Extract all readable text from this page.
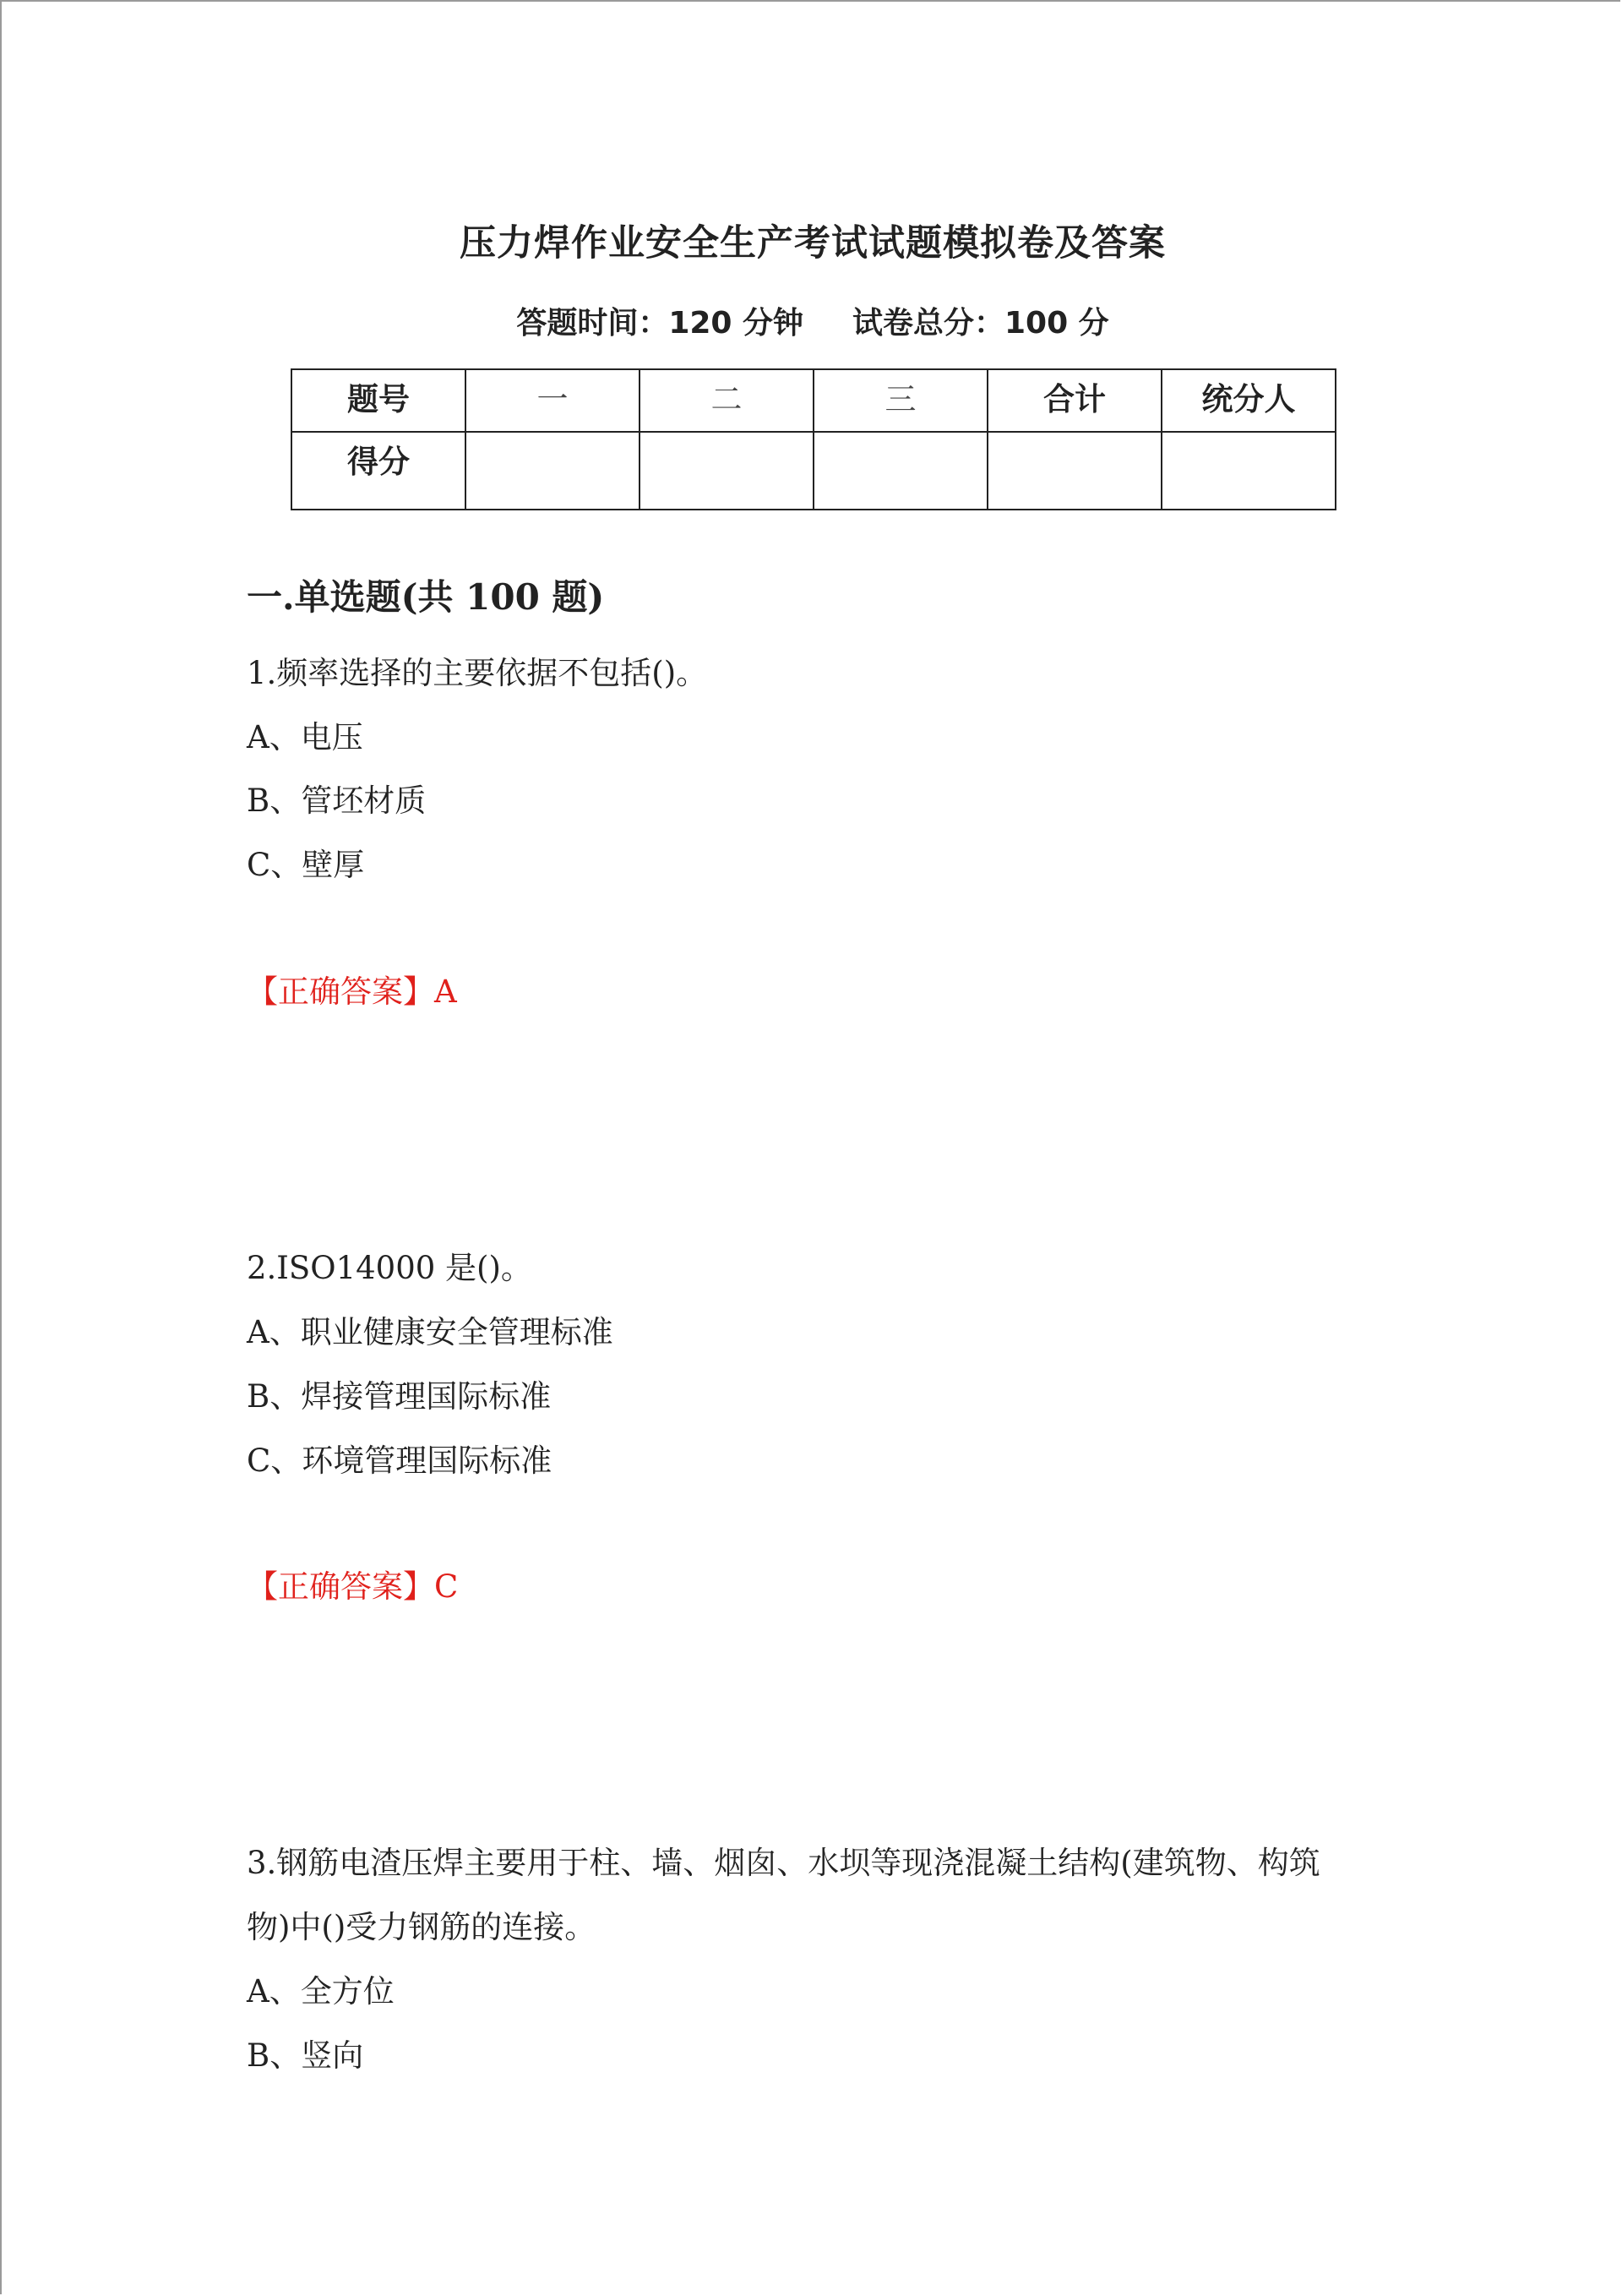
压力焊作业安全生产考试试题模拟卷及答案
答题时间：120 分钟 试卷总分：100 分
题号	一	二	三	合计	统分人
得分					
一.单选题(共 100 题)
1.频率选择的主要依据不包括()。
A、电压
B、管坯材质
C、壁厚
【正确答案】A
2.ISO14000 是()。
A、职业健康安全管理标准
B、焊接管理国际标准
C、环境管理国际标准
【正确答案】C
3.钢筋电渣压焊主要用于柱、墙、烟囱、水坝等现浇混凝土结构(建筑物、构筑
物)中()受力钢筋的连接。
A、全方位
B、竖向
